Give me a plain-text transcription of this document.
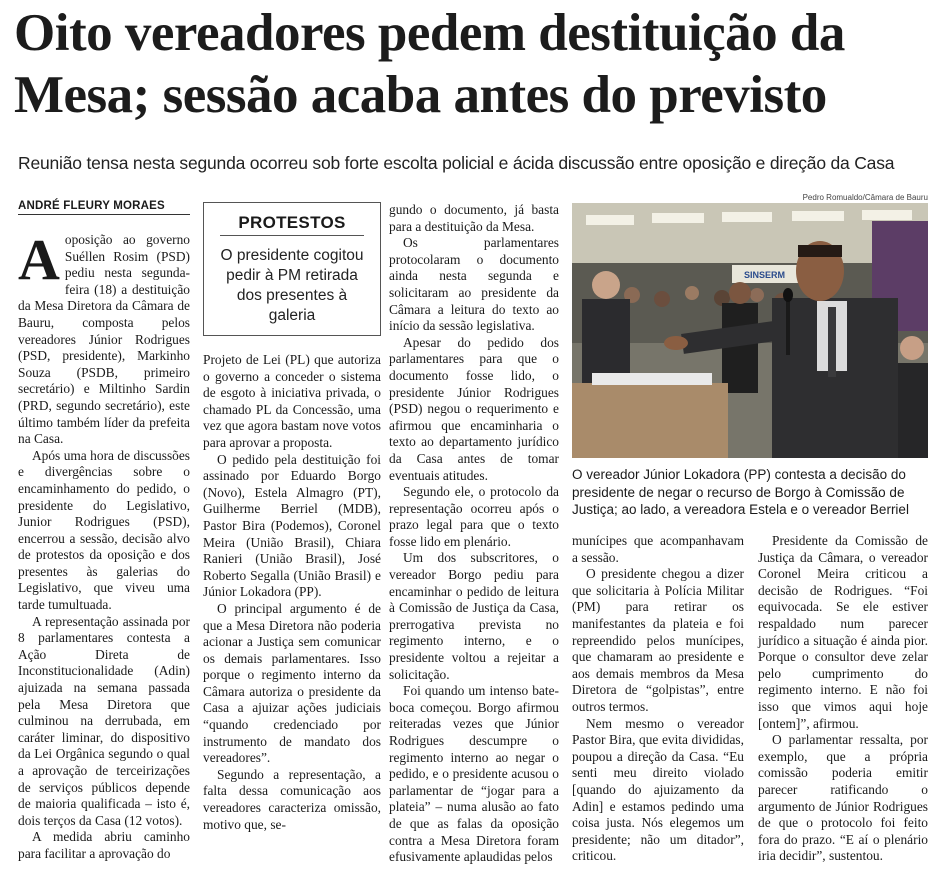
Oito vereadores pedem destituição da
Mesa; sessão acaba antes do previsto

Reunião tensa nesta segunda ocorreu sob forte escolta policial e ácida discussão entre oposição e direção da Casa

ANDRÉ FLEURY MORAES

Aoposição ao governo Suéllen Rosim (PSD) pediu nesta segunda-feira (18) a destituição da Mesa Diretora da Câmara de Bauru, composta pelos vereadores Júnior Rodrigues (PSD, presidente), Markinho Souza (PSDB, primeiro secretário) e Miltinho Sardin (PRD, segundo secretário), este último também líder da prefeita na Casa.

Após uma hora de discussões e divergências sobre o encaminhamento do pedido, o presidente do Legislativo, Junior Rodrigues (PSD), encerrou a sessão, decisão alvo de protestos da oposição e dos presentes às galerias do Legislativo, que viveu uma tarde tumultuada.

A representação assinada por 8 parlamentares contesta a Ação Direta de Inconstitucionalidade (Adin) ajuizada na semana passada pela Mesa Diretora que culminou na derrubada, em caráter liminar, do dispositivo da Lei Orgânica segundo o qual a aprovação de terceirizações de serviços públicos depende de maioria qualificada – isto é, dois terços da Casa (12 votos).

A medida abriu caminho para facilitar a aprovação do

PROTESTOS
O presidente cogitou pedir à PM retirada dos presentes à galeria

Projeto de Lei (PL) que autoriza o governo a conceder o sistema de esgoto à iniciativa privada, o chamado PL da Concessão, uma vez que agora bastam nove votos para aprovar a proposta.

O pedido pela destituição foi assinado por Eduardo Borgo (Novo), Estela Almagro (PT), Guilherme Berriel (MDB), Pastor Bira (Podemos), Coronel Meira (União Brasil), Chiara Ranieri (União Brasil), José Roberto Segalla (União Brasil) e Júnior Lokadora (PP).

O principal argumento é de que a Mesa Diretora não poderia acionar a Justiça sem comunicar os demais parlamentares. Isso porque o regimento interno da Câmara autoriza o presidente da Casa a ajuizar ações judiciais “quando credenciado por instrumento de mandato dos vereadores”.

Segundo a representação, a falta dessa comunicação aos vereadores caracteriza omissão, motivo que, se-

gundo o documento, já basta para a destituição da Mesa.

Os parlamentares protocolaram o documento ainda nesta segunda e solicitaram ao presidente da Câmara a leitura do texto ao início da sessão legislativa.

Apesar do pedido dos parlamentares para que o documento fosse lido, o presidente Júnior Rodrigues (PSD) negou o requerimento e afirmou que encaminharia o texto ao departamento jurídico da Casa antes de tomar eventuais atitudes.

Segundo ele, o protocolo da representação ocorreu após o prazo legal para que o texto fosse lido em plenário.

Um dos subscritores, o vereador Borgo pediu para encaminhar o pedido de leitura à Comissão de Justiça da Casa, prerrogativa prevista no regimento interno, e o presidente voltou a rejeitar a solicitação.

Foi quando um intenso bate-boca começou. Borgo afirmou reiteradas vezes que Júnior Rodrigues descumpre o regimento interno ao negar o pedido, e o presidente acusou o parlamentar de “jogar para a plateia” – numa alusão ao fato de que as falas da oposição contra a Mesa Diretora foram efusivamente aplaudidas pelos

Pedro Romualdo/Câmara de Bauru
SINSERM

O vereador Júnior Lokadora (PP) contesta a decisão do presidente de negar o recurso de Borgo à Comissão de Justiça; ao lado, a vereadora Estela e o vereador Berriel

munícipes que acompanhavam a sessão.

O presidente chegou a dizer que solicitaria à Polícia Militar (PM) para retirar os manifestantes da plateia e foi repreendido pelos munícipes, que chamaram ao presidente e aos demais membros da Mesa Diretora de “golpistas”, entre outros termos.

Nem mesmo o vereador Pastor Bira, que evita divididas, poupou a direção da Casa. “Eu senti meu direito violado [quando do ajuizamento da Adin] e estamos pedindo uma coisa justa. Nós elegemos um presidente; não um ditador”, criticou.

Presidente da Comissão de Justiça da Câmara, o vereador Coronel Meira criticou a decisão de Rodrigues. “Foi equivocada. Se ele estiver respaldado num parecer jurídico a situação é ainda pior. Porque o consultor deve zelar pelo cumprimento do regimento interno. E não foi isso que vimos aqui hoje [ontem]”, afirmou.

O parlamentar ressalta, por exemplo, que a própria comissão poderia emitir parecer ratificando o argumento de Júnior Rodrigues de que o protocolo foi feito fora do prazo. “E aí o plenário iria decidir”, sustentou.
